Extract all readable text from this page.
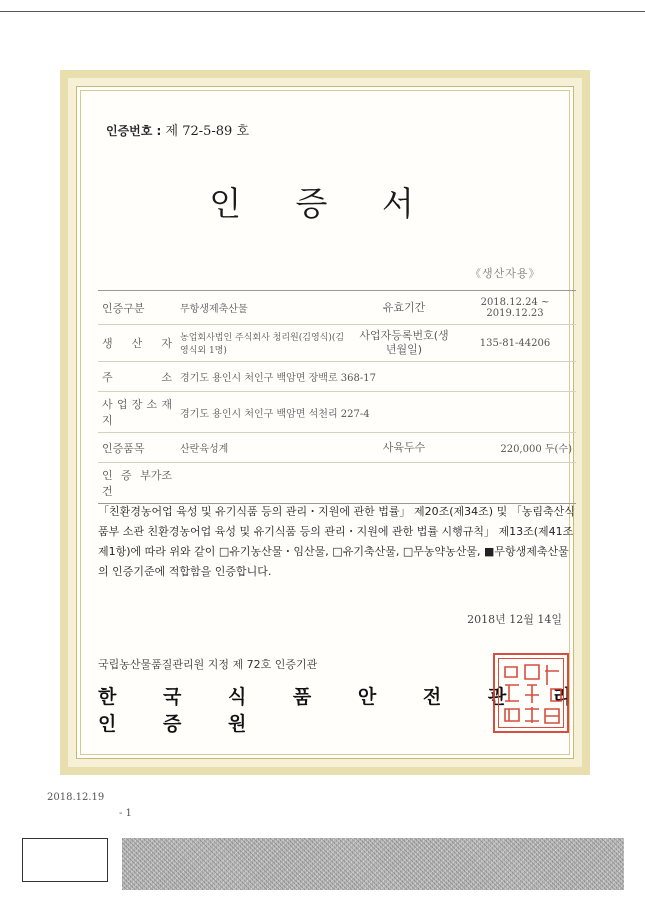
인증번호 : 제 72-5-89 호
인 증 서
《생산자용》
인증구분	무항생제축산물	유효기간	2018.12.24 ~ 2019.12.23
생 산 자	농업회사법인 주식회사 청리원(김영식)(김영식외 1명)	사업자등록번호(생년월일)	135-81-44206
주 소	경기도 용인시 처인구 백암면 장백로 368-17		
사 업 장 소 재 지	경기도 용인시 처인구 백암면 석천리 227-4		
인증품목	산란육성계	사육두수	220,000 두(수)
인 증 부가조건			
「친환경농어업 육성 및 유기식품 등의 관리・지원에 관한 법률」 제20조(제34조) 및 「농림축산식품부 소관 친환경농어업 육성 및 유기식품 등의 관리・지원에 관한 법률 시행규칙」 제13조(제41조제1항)에 따라 위와 같이 □유기농산물・임산물, □유기축산물, □무농약농산물, ■무항생제축산물의 인증기준에 적합함을 인증합니다.
2018년 12월 14일
국립농산물품질관리원 지정 제 72호 인증기관
한 국 식 품 안 전 관 리 인 증 원
2018.12.19
- 1
